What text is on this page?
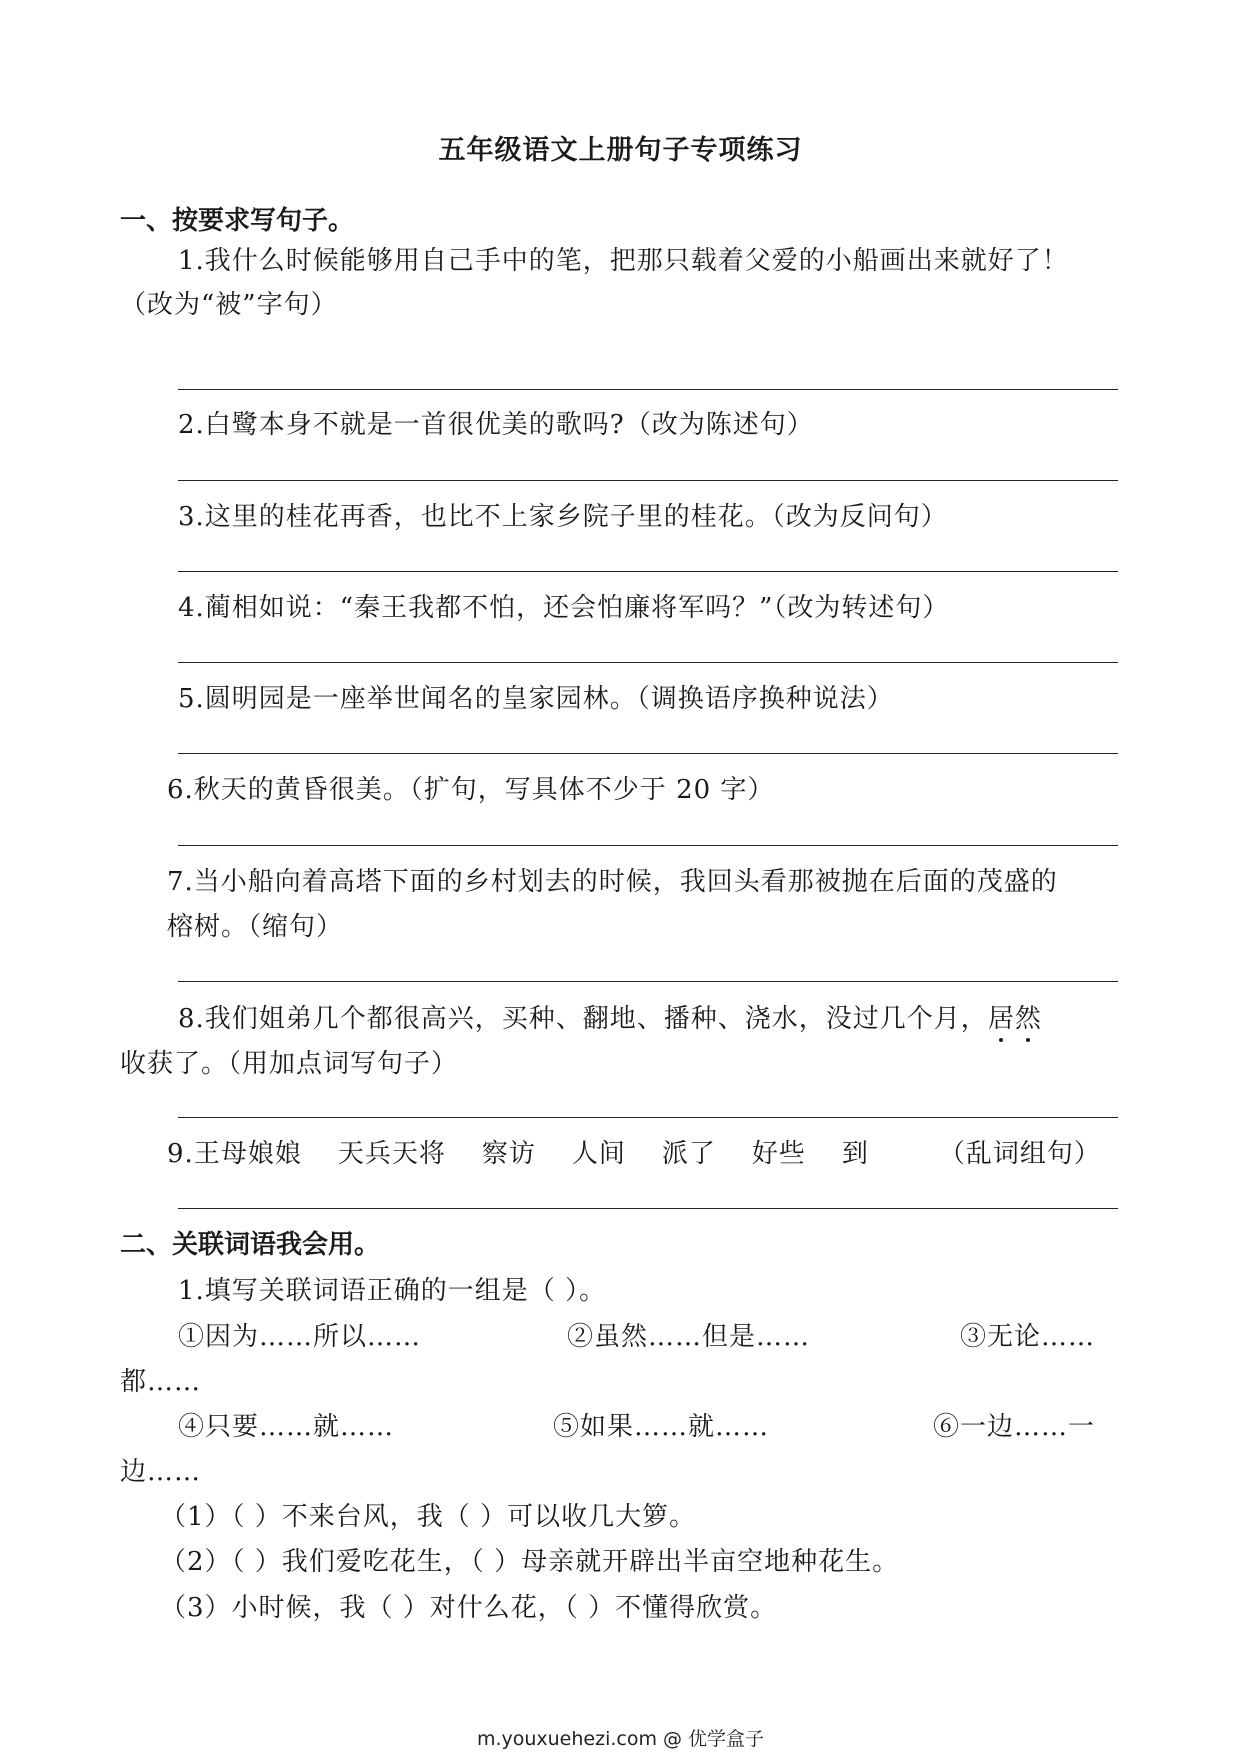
五年级语文上册句子专项练习
一、按要求写句子。
1.我什么时候能够用自己手中的笔，把那只载着父爱的小船画出来就好了！
（改为“被”字句）
2.白鹭本身不就是一首很优美的歌吗?（改为陈述句）
3.这里的桂花再香，也比不上家乡院子里的桂花。（改为反问句）
4.蔺相如说：“秦王我都不怕，还会怕廉将军吗？”（改为转述句）
5.圆明园是一座举世闻名的皇家园林。（调换语序换种说法）
6.秋天的黄昏很美。（扩句，写具体不少于 20 字）
7.当小船向着高塔下面的乡村划去的时候，我回头看那被抛在后面的茂盛的
榕树。（缩句）
8.我们姐弟几个都很高兴，买种、翻地、播种、浇水，没过几个月，居然
收获了。（用加点词写句子）
9.王母娘娘 天兵天将 察访 人间 派了 好些 到	（乱词组句）
二、关联词语我会用。
1.填写关联词语正确的一组是（ ）。
①因为……所以……	②虽然……但是……	③无论……
都……
④只要……就……	⑤如果……就……	⑥一边……一
边……
（1）（ ）不来台风，我（ ）可以收几大箩。
（2）（ ）我们爱吃花生，（ ）母亲就开辟出半亩空地种花生。
（3）小时候，我（ ）对什么花，（ ）不懂得欣赏。
m.youxuehezi.com @ 优学盒子
